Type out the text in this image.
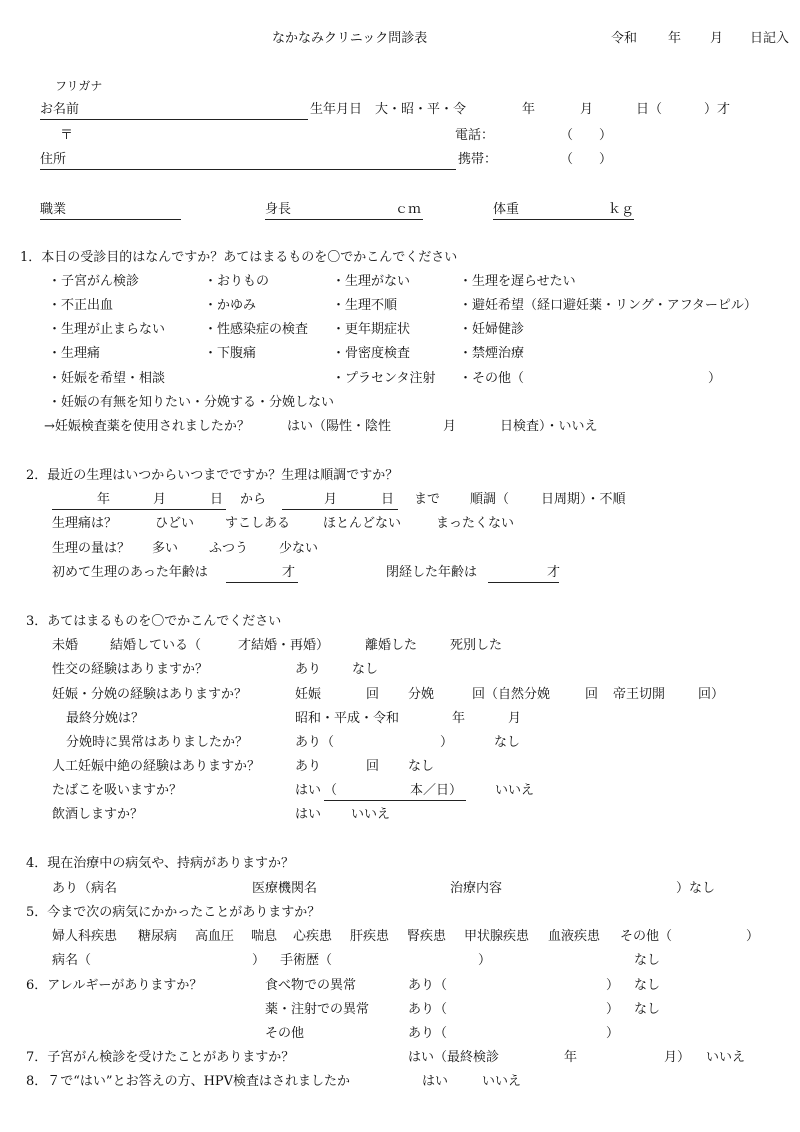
なかなみクリニック問診表	令和 年 月 日記入
フリガナ
お名前	生年月日　大・昭・平・令	年	月	日（	）才
〒	電話：	（　　）
住所	携帯：	（　　）
職業	身長	ｃｍ	体重	ｋｇ
1．本日の受診目的はなんですか？あてはまるものを〇でかこんでください
・子宮がん検診	・おりもの	・生理がない	・生理を遅らせたい
・不正出血	・かゆみ	・生理不順	・避妊希望（経口避妊薬・リング・アフターピル）
・生理が止まらない	・性感染症の検査 ・更年期症状	・妊婦健診
・生理痛	・下腹痛	・骨密度検査	・禁煙治療
・妊娠を希望・相談	・プラセンタ注射 ・その他（	）
・妊娠の有無を知りたい・分娩する・分娩しない
→妊娠検査薬を使用されましたか？	はい（陽性・陰性	月	日検査）・いいえ
2．最近の生理はいつからいつまでですか？生理は順調ですか？
年	月	日 から	月	日 まで 順調（ 日周期）・不順
生理痛は？	ひどい すこしある	ほとんどない	まったくない
生理の量は？ 多い ふつう 少ない
初めて生理のあった年齢は	才	閉経した年齢は	才
3．あてはまるものを〇でかこんでください
未婚 結婚している（	才結婚・再婚）	離婚した	死別した
性交の経験はありますか？	あり なし
妊娠・分娩の経験はありますか？	妊娠	回 分娩	回（自然分娩	回 帝王切開	回）
最終分娩は？	昭和・平成・令和	年	月
分娩時に異常はありましたか？	あり（	）	なし
人工妊娠中絶の経験はありますか？	あり	回 なし
たばこを吸いますか？	はい （	本／日）	いいえ
飲酒しますか？	はい いいえ
4．現在治療中の病気や、持病がありますか？
あり（病名	医療機関名	治療内容	）なし
5．今まで次の病気にかかったことがありますか？
婦人科疾患 糖尿病 高血圧 喘息 心疾患 肝疾患 腎疾患 甲状腺疾患 血液疾患 その他（	）
病名（	） 手術歴（	）	なし
6．アレルギーがありますか？	食べ物での異常	あり（	） なし
薬・注射での異常	あり（	） なし
その他	あり（	）
7．子宮がん検診を受けたことがありますか？	はい（最終検診	年	月） いいえ
8．７で“はい”とお答えの方、HPV検査はされましたか	はい	いいえ
